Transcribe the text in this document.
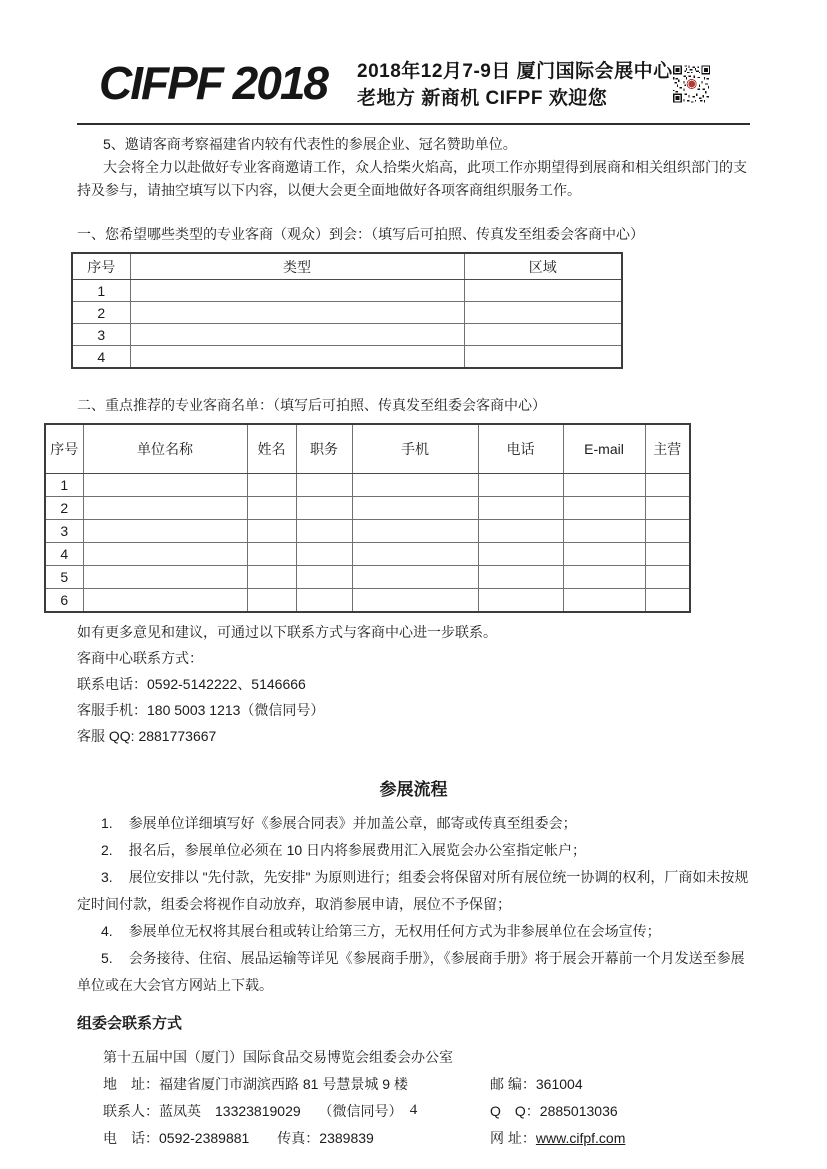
CIFPF 2018 2018年12月7-9日 厦门国际会展中心
老地方 新商机 CIFPF 欢迎您

5、邀请客商考察福建省内较有代表性的参展企业、冠名赞助单位。

大会将全力以赴做好专业客商邀请工作，众人拾柴火焰高，此项工作亦期望得到展商和相关组织部门的支持及参与，请抽空填写以下内容，以便大会更全面地做好各项客商组织服务工作。

一、您希望哪些类型的专业客商（观众）到会：（填写后可拍照、传真发至组委会客商中心）

序号	类型	区域
1		
2		
3		
4		

二、重点推荐的专业客商名单：（填写后可拍照、传真发至组委会客商中心）

序号	单位名称	姓名	职务	手机	电话	E-mail	主营
1							
2							
3							
4							
5							
6							

如有更多意见和建议，可通过以下联系方式与客商中心进一步联系。

客商中心联系方式：

联系电话：0592-5142222、5146666

客服手机：180 5003 1213（微信同号）

客服 QQ: 2881773667

参展流程

1. 参展单位详细填写好《参展合同表》并加盖公章，邮寄或传真至组委会；

2. 报名后，参展单位必须在 10 日内将参展费用汇入展览会办公室指定帐户；

3. 展位安排以 "先付款，先安排" 为原则进行；组委会将保留对所有展位统一协调的权利，厂商如未按规定时间付款，组委会将视作自动放弃，取消参展申请，展位不予保留；

4. 参展单位无权将其展台租或转让给第三方，无权用任何方式为非参展单位在会场宣传；

5. 会务接待、住宿、展品运输等详见《参展商手册》，《参展商手册》将于展会开幕前一个月发送至参展单位或在大会官方网站上下载。

组委会联系方式

第十五届中国（厦门）国际食品交易博览会组委会办公室

地　址：福建省厦门市湖滨西路 81 号慧景城 9 楼	邮 编：361004
联系人：蓝凤英　13323819029　 （微信同号）	Q　Q：2885013036
电　话：0592-2389881　　传真：2389839	网 址：www.cifpf.com
4
